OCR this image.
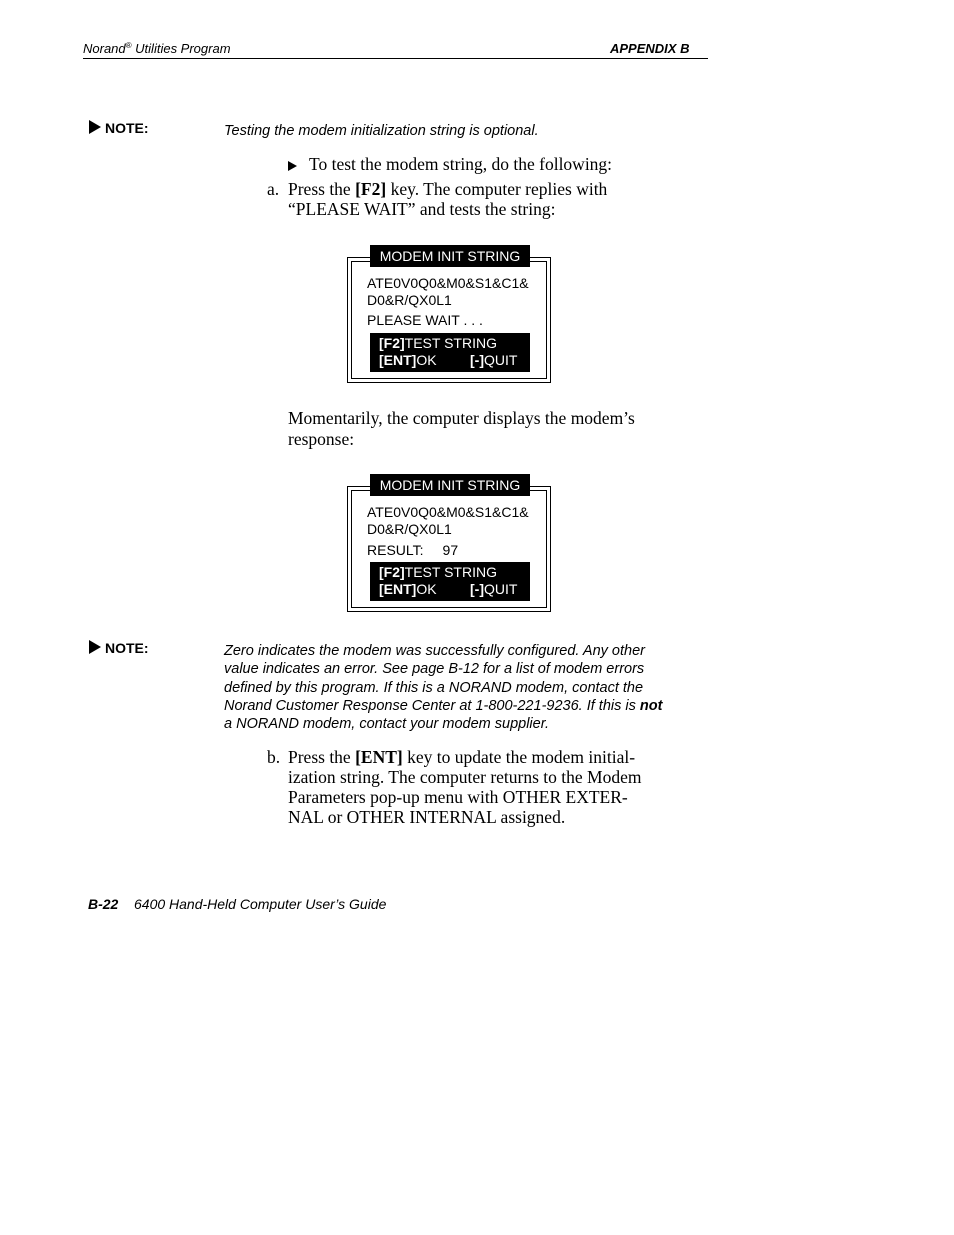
Norand® Utilities Program	APPENDIX B
NOTE:	Testing the modem initialization string is optional.
To test the modem string, do the following:
a. Press the [F2] key. The computer replies with
“PLEASE WAIT” and tests the string:
MODEM INIT STRING
ATE0V0Q0&M0&S1&C1&
D0&R/QX0L1
PLEASE WAIT . . .
[F2]TEST STRING
[ENT]OK [-]QUIT
Momentarily, the computer displays the modem’s
response:
MODEM INIT STRING
ATE0V0Q0&M0&S1&C1&
D0&R/QX0L1
RESULT: 97
[F2]TEST STRING
[ENT]OK [-]QUIT
NOTE:	Zero indicates the modem was successfully configured. Any other
value indicates an error. See page B-12 for a list of modem errors
defined by this program. If this is a NORAND modem, contact the
Norand Customer Response Center at 1-800-221-9236. If this is not
a NORAND modem, contact your modem supplier.
b. Press the [ENT] key to update the modem initial-
ization string. The computer returns to the Modem
Parameters pop-up menu with OTHER EXTER-
NAL or OTHER INTERNAL assigned.
B-22 6400 Hand-Held Computer User’s Guide
